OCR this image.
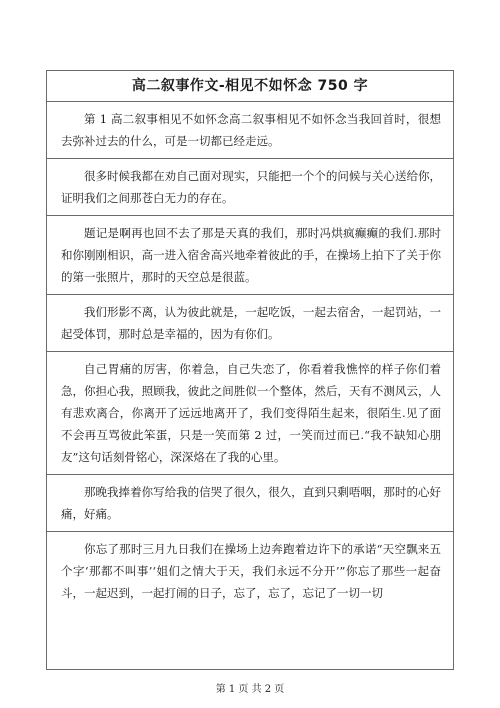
高二叙事作文-相见不如怀念 750 字
第 1 高二叙事相见不如怀念高二叙事相见不如怀念当我回首时，很想去弥补过去的什么，可是一切都已经走远。
很多时候我都在劝自己面对现实，只能把一个个的问候与关心送给你，证明我们之间那苍白无力的存在。
题记是啊再也回不去了那是天真的我们，那时冯烘疯癫癫的我们.那时和你刚刚相识，高一进入宿舍高兴地牵着彼此的手，在操场上拍下了关于你的第一张照片，那时的天空总是很蓝。
我们形影不离，认为彼此就是，一起吃饭，一起去宿舍，一起罚站，一起受体罚，那时总是幸福的，因为有你们。
自己胃痛的厉害，你着急，自己失恋了，你看着我憔悴的样子你们着急，你担心我，照顾我，彼此之间胜似一个整体，然后，天有不测风云，人有悲欢离合，你离开了远远地离开了，我们变得陌生起来，很陌生.见了面不会再互骂彼此笨蛋，只是一笑而第 2 过，一笑而过而已.“我不缺知心朋友”这句话刻骨铭心，深深烙在了我的心里。
那晚我捧着你写给我的信哭了很久，很久，直到只剩唔咽，那时的心好痛，好痛。
你忘了那时三月九日我们在操场上边奔跑着边许下的承诺“天空飘来五个字‘那都不叫事’‘姐们之情大于天，我们永远不分开’”你忘了那些一起奋斗，一起迟到，一起打闹的日子，忘了，忘了，忘记了一切一切
第 1 页 共 2 页
